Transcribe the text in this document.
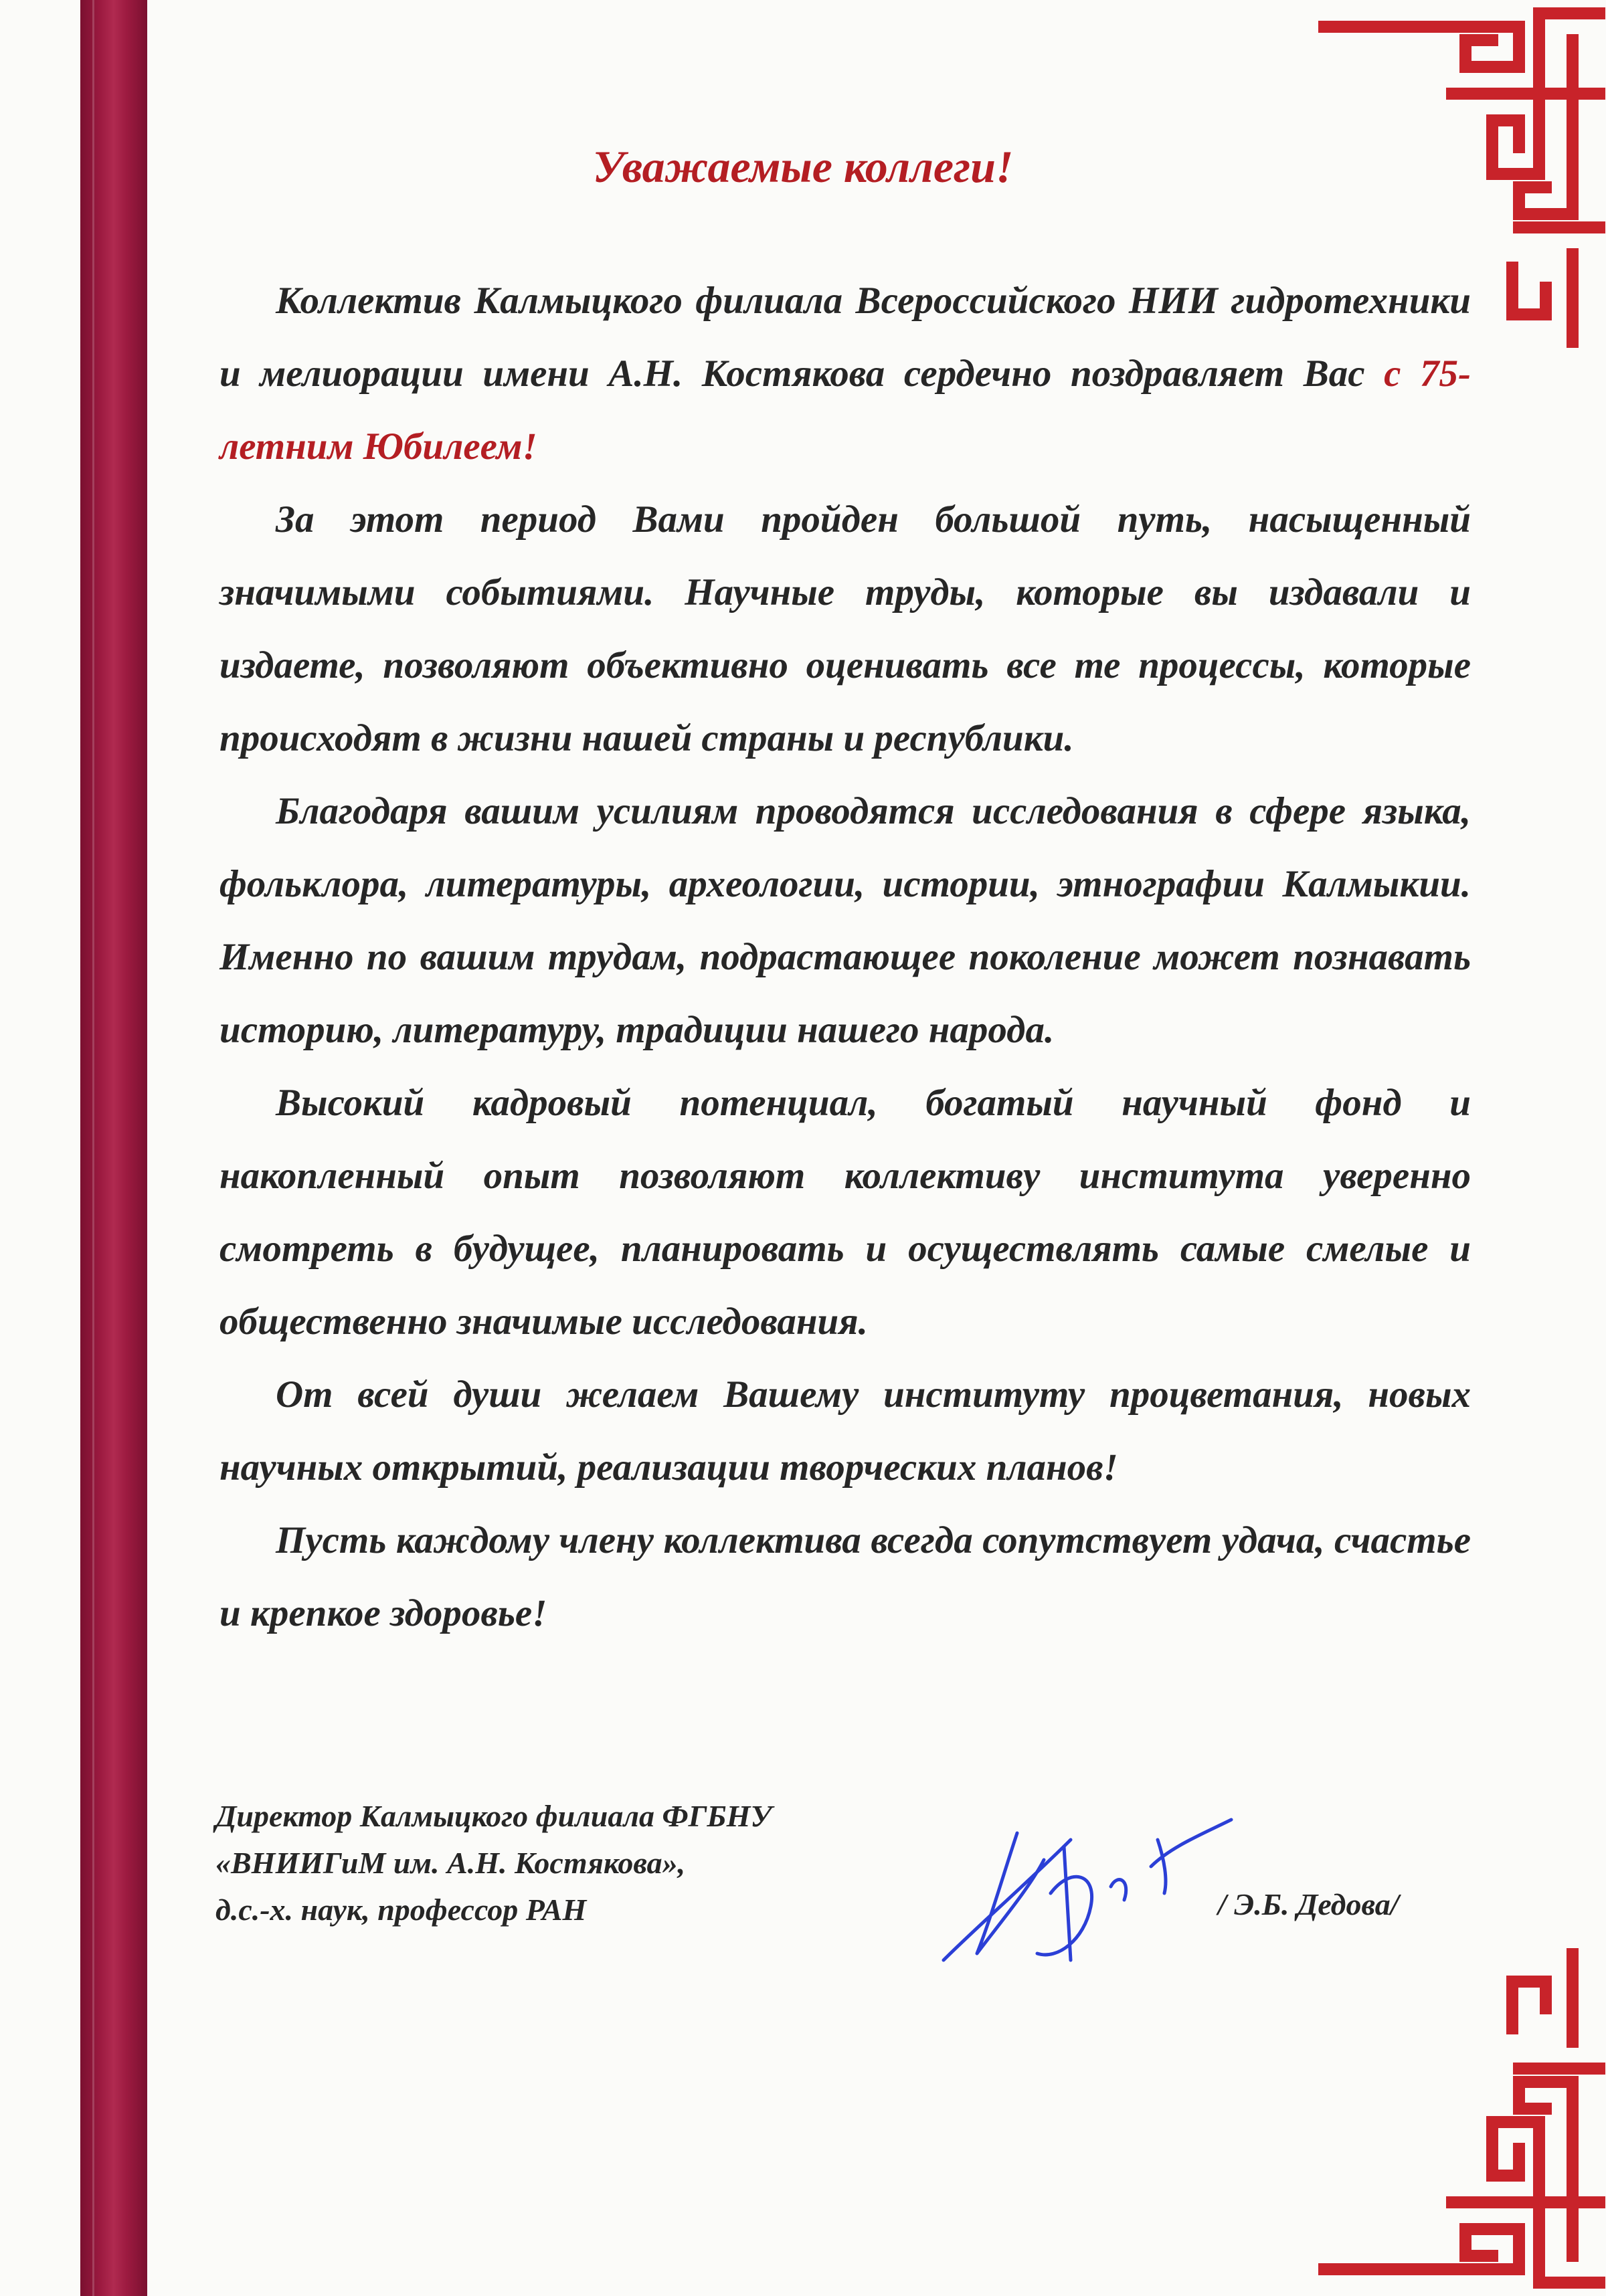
Уважаемые коллеги!

Коллектив Калмыцкого филиала Всероссийского НИИ гидротехники и мелиорации имени А.Н. Костякова сердечно поздравляет Вас с 75-летним Юбилеем!

За этот период Вами пройден большой путь, насыщенный значимыми событиями. Научные труды, которые вы издавали и издаете, позволяют объективно оценивать все те процессы, которые происходят в жизни нашей страны и республики.

Благодаря вашим усилиям проводятся исследования в сфере языка, фольклора, литературы, археологии, истории, этнографии Калмыкии. Именно по вашим трудам, подрастающее поколение может познавать историю, литературу, традиции нашего народа.

Высокий кадровый потенциал, богатый научный фонд и накопленный опыт позволяют коллективу института уверенно смотреть в будущее, планировать и осуществлять самые смелые и общественно значимые исследования.

От всей души желаем Вашему институту процветания, новых научных открытий, реализации творческих планов!

Пусть каждому члену коллектива всегда сопутствует удача, счастье и крепкое здоровье!

Директор Калмыцкого филиала ФГБНУ
«ВНИИГиМ им. А.Н. Костякова»,
д.с.-х. наук, профессор РАН	/ Э.Б. Дедова/
